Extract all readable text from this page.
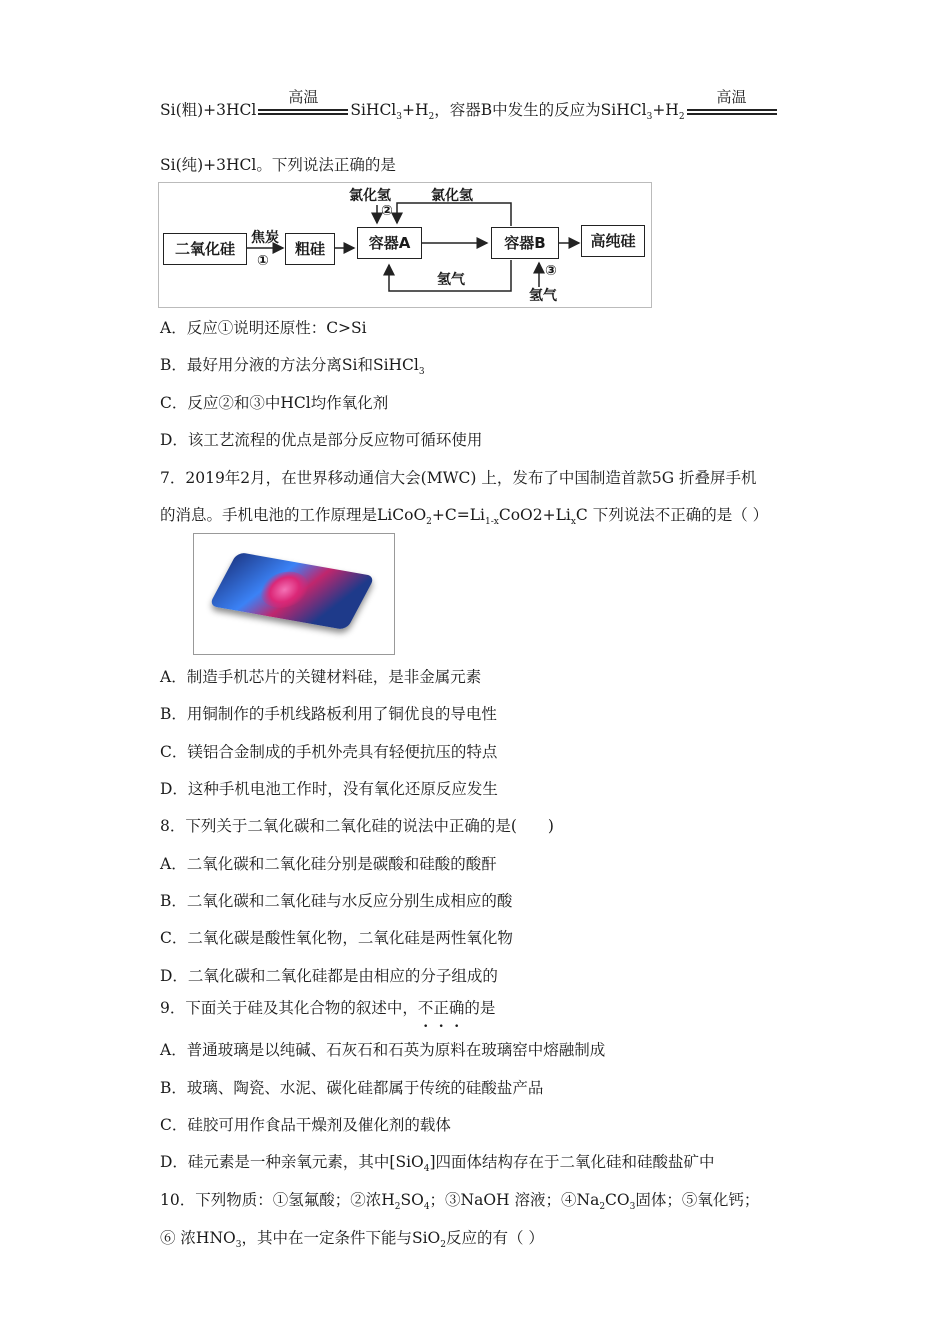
Si(粗)+3HCl
高温
$SiHCl_3+H_2$，容器B中发生的反应为$SiHCl_3+H_2$
高温
Si(纯)+3HCl。下列说法正确的是
二氧化硅	粗硅	容器A	容器B	高纯硅
焦炭
①
氯化氢
②
氯化氢
氢气
③
氢气
A．反应①说明还原性：C>Si
B．最好用分液的方法分离Si和SiHCl$_3$
C．反应②和③中HCl均作氧化剂
D．该工艺流程的优点是部分反应物可循环使用
7．2019年2月，在世界移动通信大会(MWC) 上，发布了中国制造首款5G 折叠屏手机
的消息。手机电池的工作原理是$LiCoO_2+C=Li_{1-x}CoO2+Li_xC$ 下列说法不正确的是（ ）
A．制造手机芯片的关键材料硅，是非金属元素
B．用铜制作的手机线路板利用了铜优良的导电性
C．镁铝合金制成的手机外壳具有轻便抗压的特点
D．这种手机电池工作时，没有氧化还原反应发生
8．下列关于二氧化碳和二氧化硅的说法中正确的是(　　)
A．二氧化碳和二氧化硅分别是碳酸和硅酸的酸酐
B．二氧化碳和二氧化硅与水反应分别生成相应的酸
C．二氧化碳是酸性氧化物，二氧化硅是两性氧化物
D．二氧化碳和二氧化硅都是由相应的分子组成的
9．下面关于硅及其化合物的叙述中，不正确的是
A．普通玻璃是以纯碱、石灰石和石英为原料在玻璃窑中熔融制成
B．玻璃、陶瓷、水泥、碳化硅都属于传统的硅酸盐产品
C．硅胶可用作食品干燥剂及催化剂的载体
D．硅元素是一种亲氧元素，其中[SiO$_4$]四面体结构存在于二氧化硅和硅酸盐矿中
10．下列物质：①氢氟酸；②浓$H_2SO_4$；③NaOH 溶液；$④Na_2CO_3$固体；⑤氧化钙；
⑥ 浓$HNO_3$，其中在一定条件下能与SiO$_2$反应的有（ ）
